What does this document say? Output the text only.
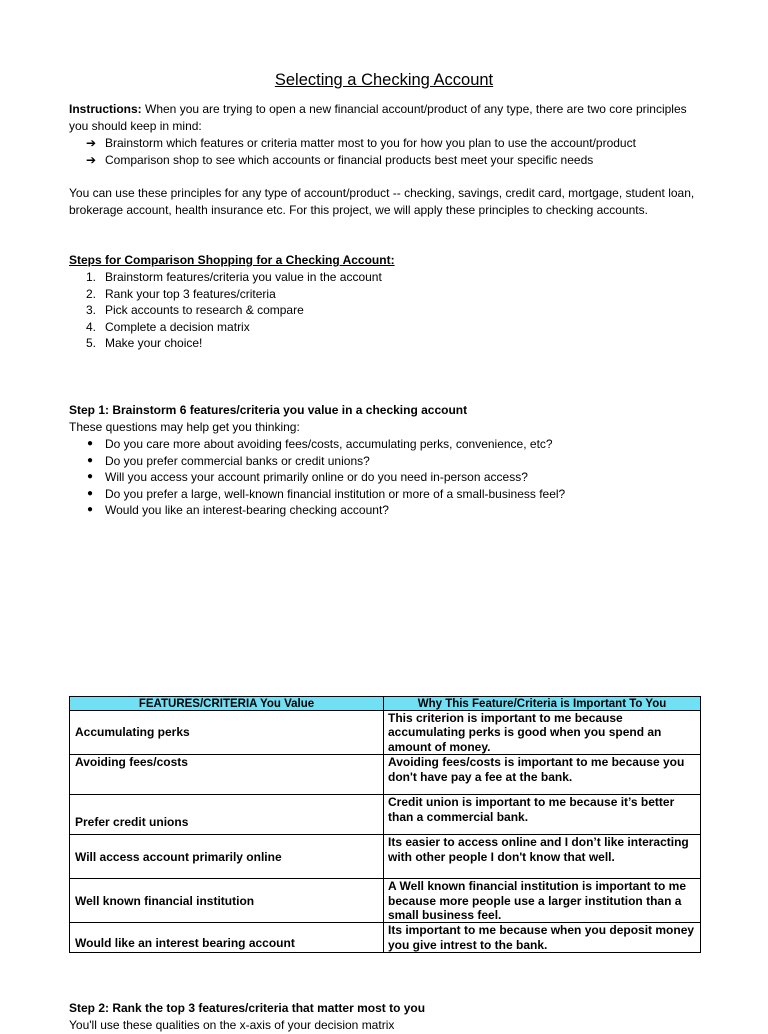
Selecting a Checking Account
Instructions: When you are trying to open a new financial account/product of any type, there are two core principles you should keep in mind:
➔ Brainstorm which features or criteria matter most to you for how you plan to use the account/product
➔ Comparison shop to see which accounts or financial products best meet your specific needs
You can use these principles for any type of account/product -- checking, savings, credit card, mortgage, student loan, brokerage account, health insurance etc. For this project, we will apply these principles to checking accounts.
Steps for Comparison Shopping for a Checking Account:
1. Brainstorm features/criteria you value in the account
2. Rank your top 3 features/criteria
3. Pick accounts to research & compare
4. Complete a decision matrix
5. Make your choice!
Step 1: Brainstorm 6 features/criteria you value in a checking account
These questions may help get you thinking:
● Do you care more about avoiding fees/costs, accumulating perks, convenience, etc?
● Do you prefer commercial banks or credit unions?
● Will you access your account primarily online or do you need in-person access?
● Do you prefer a large, well-known financial institution or more of a small-business feel?
● Would you like an interest-bearing checking account?
FEATURES/CRITERIA You Value	Why This Feature/Criteria is Important To You
Accumulating perks	This criterion is important to me because accumulating perks is good when you spend an amount of money.
Avoiding fees/costs	Avoiding fees/costs is important to me because you don't have pay a fee at the bank.
Prefer credit unions	Credit union is important to me because it’s better than a commercial bank.
Will access account primarily online	Its easier to access online and I don’t like interacting with other people I don't know that well.
Well known financial institution	A Well known financial institution is important to me because more people use a larger institution than a small business feel.
Would like an interest bearing account	Its important to me because when you deposit money you give intrest to the bank.
Step 2: Rank the top 3 features/criteria that matter most to you
You'll use these qualities on the x-axis of your decision matrix
